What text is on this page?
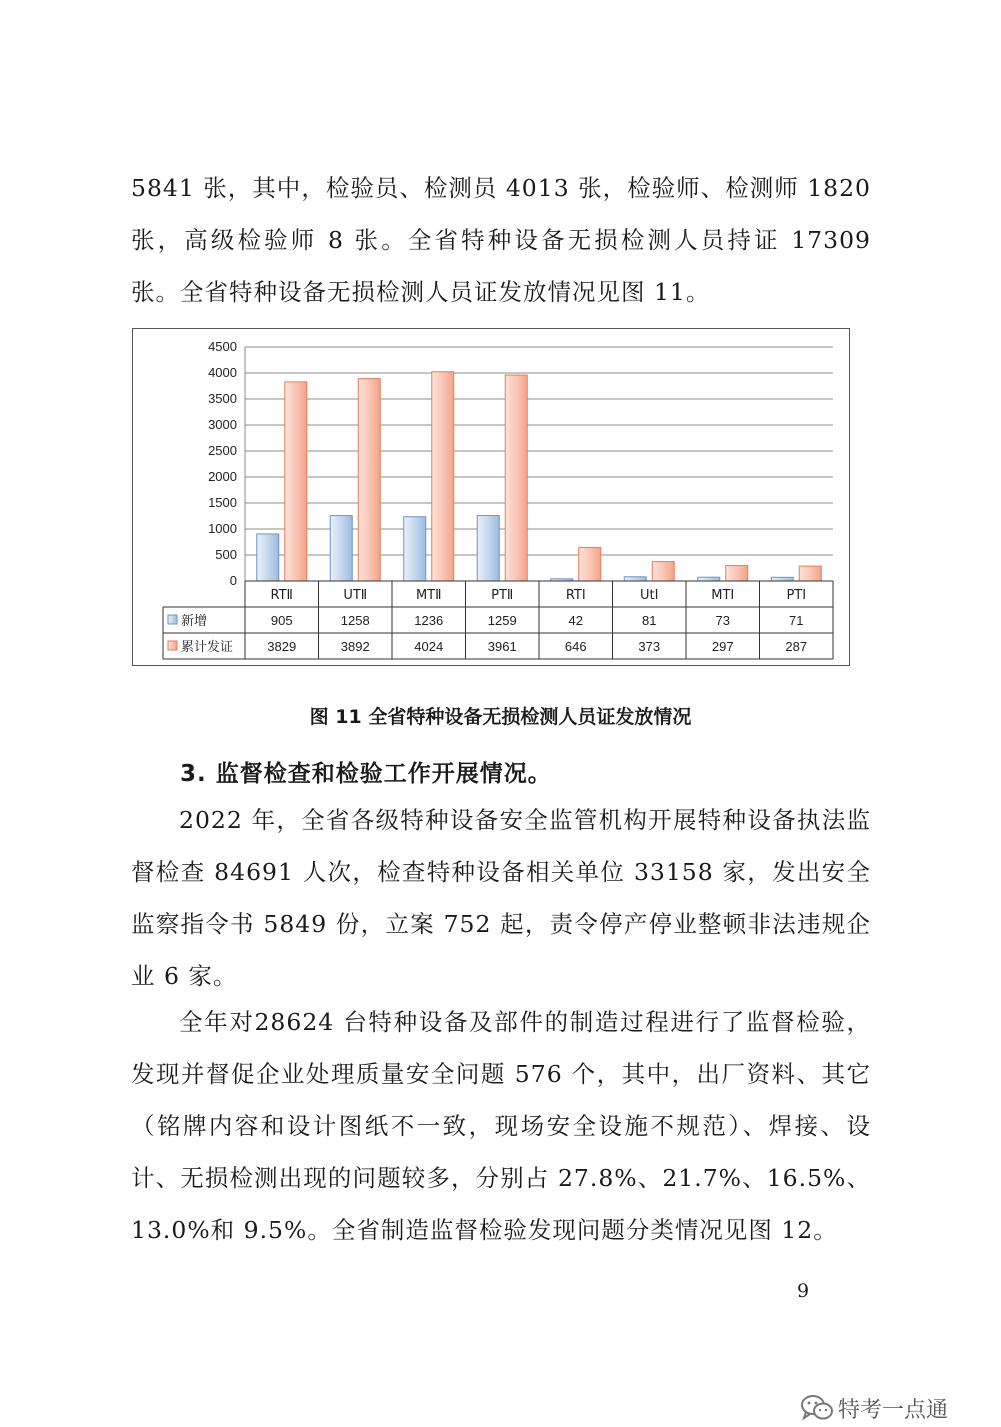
5841 张，其中，检验员、检测员 4013 张，检验师、检测师 1820 张，高级检验师 8 张。全省特种设备无损检测人员持证 17309 张。全省特种设备无损检测人员证发放情况见图 11。

0
500
1000
1500
2000
2500
3000
3500
4000
4500
RTⅡ	UTⅡ	MTⅡ	PTⅡ	RTⅠ	UtⅠ	MTⅠ	PTⅠ
新增	905	1258	1236	1259	42	81	73	71
累计发证	3829	3892	4024	3961	646	373	297	287
图 11 全省特种设备无损检测人员证发放情况
3. 监督检查和检验工作开展情况。

2022 年，全省各级特种设备安全监管机构开展特种设备执法监督检查 84691 人次，检查特种设备相关单位 33158 家，发出安全监察指令书 5849 份，立案 752 起，责令停产停业整顿非法违规企业 6 家。

全年对28624 台特种设备及部件的制造过程进行了监督检验，发现并督促企业处理质量安全问题 576 个，其中，出厂资料、其它（铭牌内容和设计图纸不一致，现场安全设施不规范）、焊接、设计、无损检测出现的问题较多，分别占 27.8%、21.7%、16.5%、13.0%和 9.5%。全省制造监督检验发现问题分类情况见图 12。

9
特考一点通
